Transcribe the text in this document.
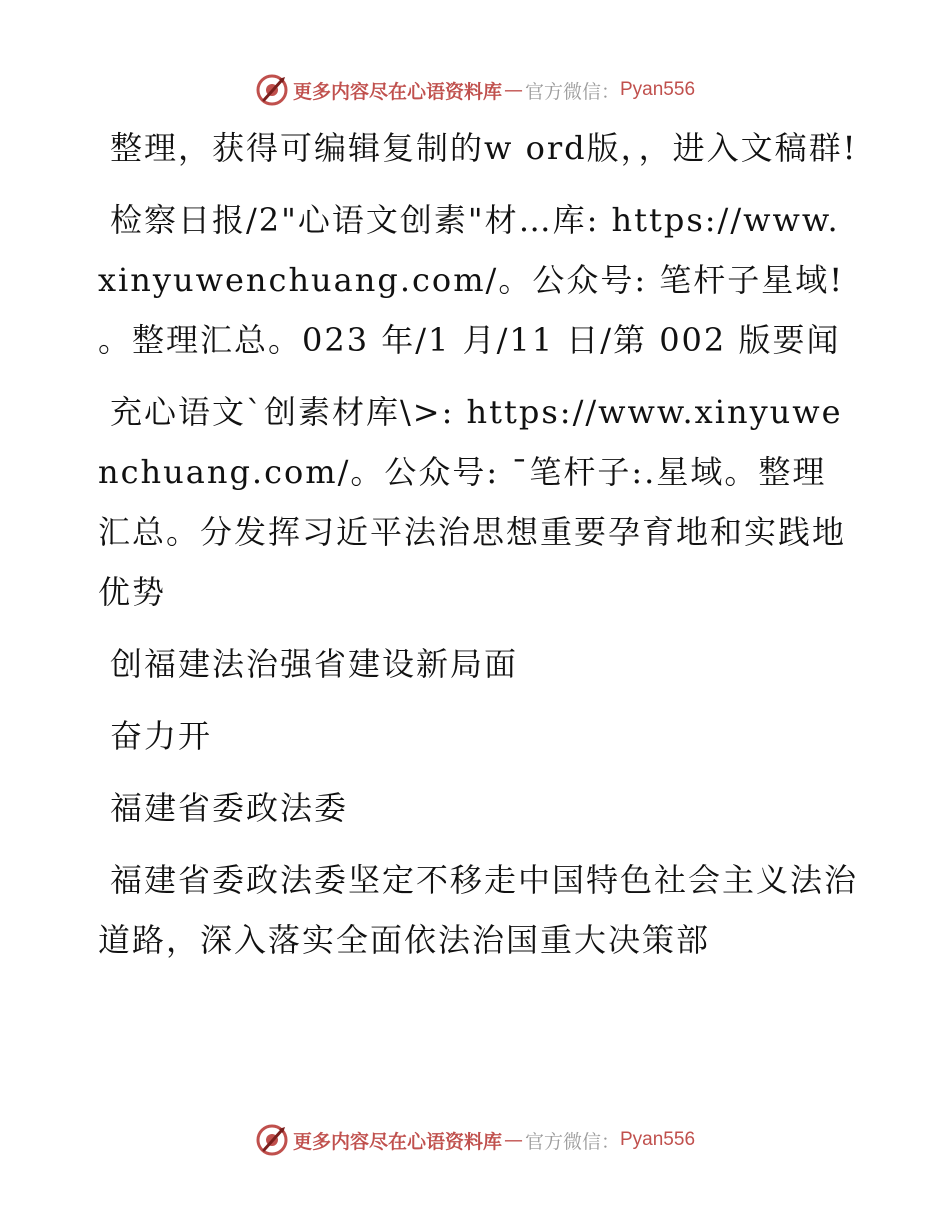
更多内容尽在心语资料库 — 官方微信： Pyan556

整理，获得可编辑复制的w ord版，，进入文稿群!

检察日报/2"心语文创素"材…库: https://www.xinyuwenchuang.com/。公众号: 笔杆子星域! 。整理汇总。023 年/1 月/11 日/第 002 版要闻

充心语文ˋ创素材库\>: https://www.xinyuwenchuang.com/。公众号: ¯笔杆子:.星域。整理汇总。分发挥习近平法治思想重要孕育地和实践地优势

创福建法治强省建设新局面

奋力开

福建省委政法委

福建省委政法委坚定不移走中国特色社会主义法治道路，深入落实全面依法治国重大决策部

更多内容尽在心语资料库 — 官方微信： Pyan556
